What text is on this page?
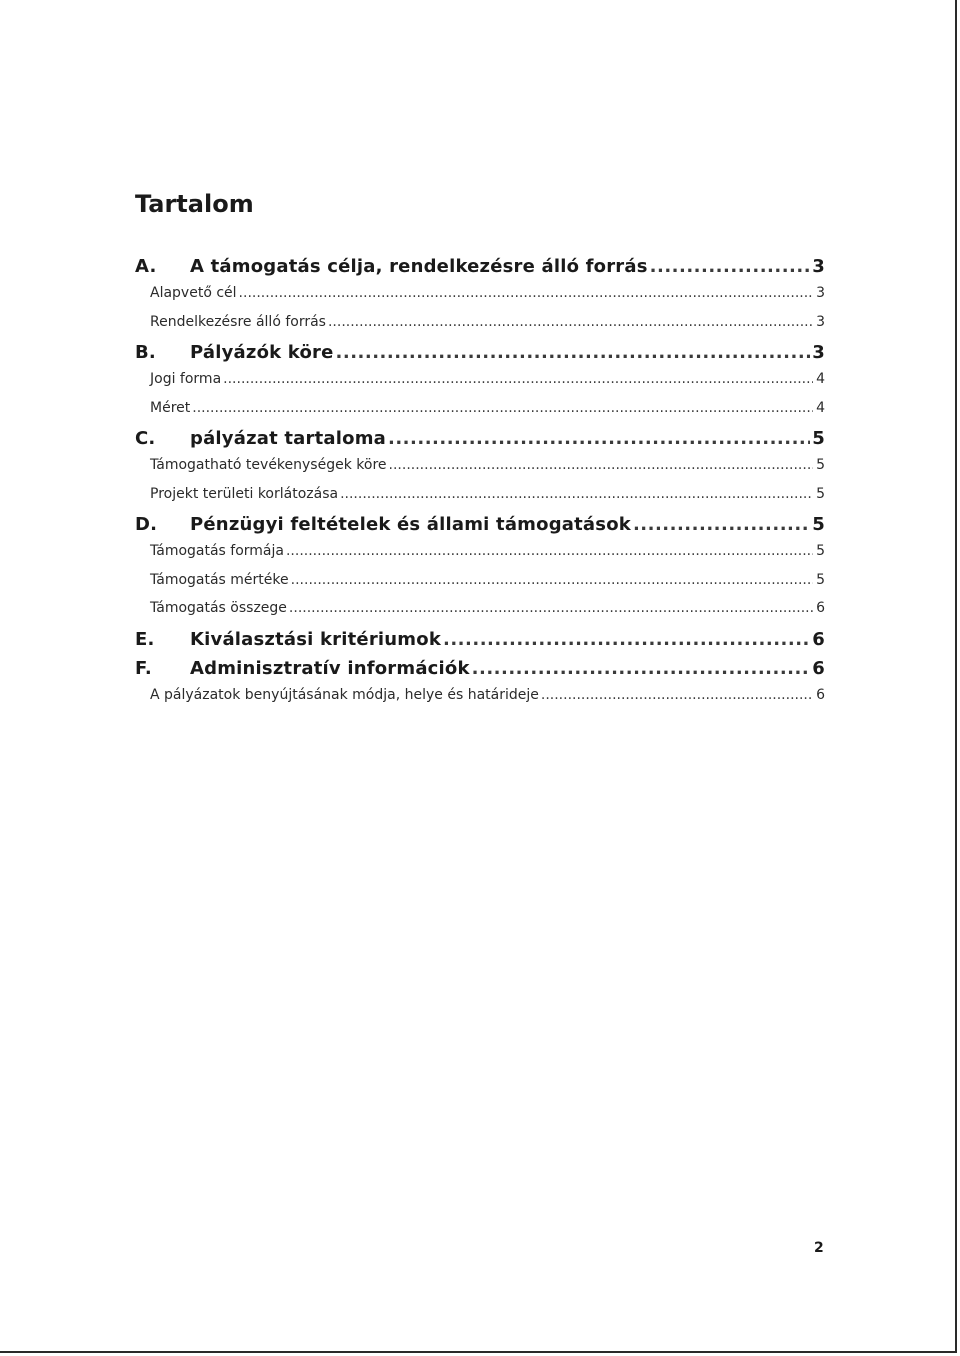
Tartalom
A.	A támogatás célja, rendelkezésre álló forrás .....	3
Alapvető cél .....	3
Rendelkezésre álló forrás .....	3
B.	Pályázók köre .....	3
Jogi forma .....	4
Méret .....	4
C.	pályázat tartaloma .....	5
Támogatható tevékenységek köre .....	5
Projekt területi korlátozása .....	5
D.	Pénzügyi feltételek és állami támogatások .....	5
Támogatás formája .....	5
Támogatás mértéke .....	5
Támogatás összege .....	6
E.	Kiválasztási kritériumok .....	6
F.	Adminisztratív információk .....	6
A pályázatok benyújtásának módja, helye és határideje .....	6
2
